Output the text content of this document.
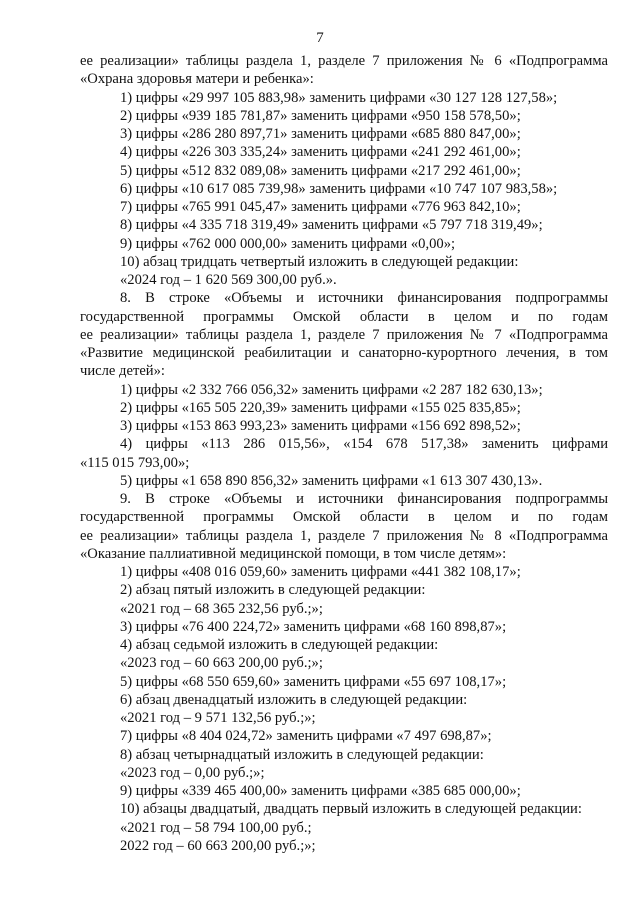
7
ее реализации» таблицы раздела 1, разделе 7 приложения № 6 «Подпрограмма
«Охрана здоровья матери и ребенка»:
1) цифры «29 997 105 883,98» заменить цифрами «30 127 128 127,58»;
2) цифры «939 185 781,87» заменить цифрами «950 158 578,50»;
3) цифры «286 280 897,71» заменить цифрами «685 880 847,00»;
4) цифры «226 303 335,24» заменить цифрами «241 292 461,00»;
5) цифры «512 832 089,08» заменить цифрами «217 292 461,00»;
6) цифры «10 617 085 739,98» заменить цифрами «10 747 107 983,58»;
7) цифры «765 991 045,47» заменить цифрами «776 963 842,10»;
8) цифры «4 335 718 319,49» заменить цифрами «5 797 718 319,49»;
9) цифры «762 000 000,00» заменить цифрами «0,00»;
10) абзац тридцать четвертый изложить в следующей редакции:
«2024 год – 1 620 569 300,00 руб.».
8. В строке «Объемы и источники финансирования подпрограммы
государственной программы Омской области в целом и по годам
ее реализации» таблицы раздела 1, разделе 7 приложения № 7 «Подпрограмма
«Развитие медицинской реабилитации и санаторно-курортного лечения, в том
числе детей»:
1) цифры «2 332 766 056,32» заменить цифрами «2 287 182 630,13»;
2) цифры «165 505 220,39» заменить цифрами «155 025 835,85»;
3) цифры «153 863 993,23» заменить цифрами «156 692 898,52»;
4) цифры «113 286 015,56», «154 678 517,38» заменить цифрами
«115 015 793,00»;
5) цифры «1 658 890 856,32» заменить цифрами «1 613 307 430,13».
9. В строке «Объемы и источники финансирования подпрограммы
государственной программы Омской области в целом и по годам
ее реализации» таблицы раздела 1, разделе 7 приложения № 8 «Подпрограмма
«Оказание паллиативной медицинской помощи, в том числе детям»:
1) цифры «408 016 059,60» заменить цифрами «441 382 108,17»;
2) абзац пятый изложить в следующей редакции:
«2021 год – 68 365 232,56 руб.;»;
3) цифры «76 400 224,72» заменить цифрами «68 160 898,87»;
4) абзац седьмой изложить в следующей редакции:
«2023 год – 60 663 200,00 руб.;»;
5) цифры «68 550 659,60» заменить цифрами «55 697 108,17»;
6) абзац двенадцатый изложить в следующей редакции:
«2021 год – 9 571 132,56 руб.;»;
7) цифры «8 404 024,72» заменить цифрами «7 497 698,87»;
8) абзац четырнадцатый изложить в следующей редакции:
«2023 год – 0,00 руб.;»;
9) цифры «339 465 400,00» заменить цифрами «385 685 000,00»;
10) абзацы двадцатый, двадцать первый изложить в следующей редакции:
«2021 год – 58 794 100,00 руб.;
2022 год – 60 663 200,00 руб.;»;
